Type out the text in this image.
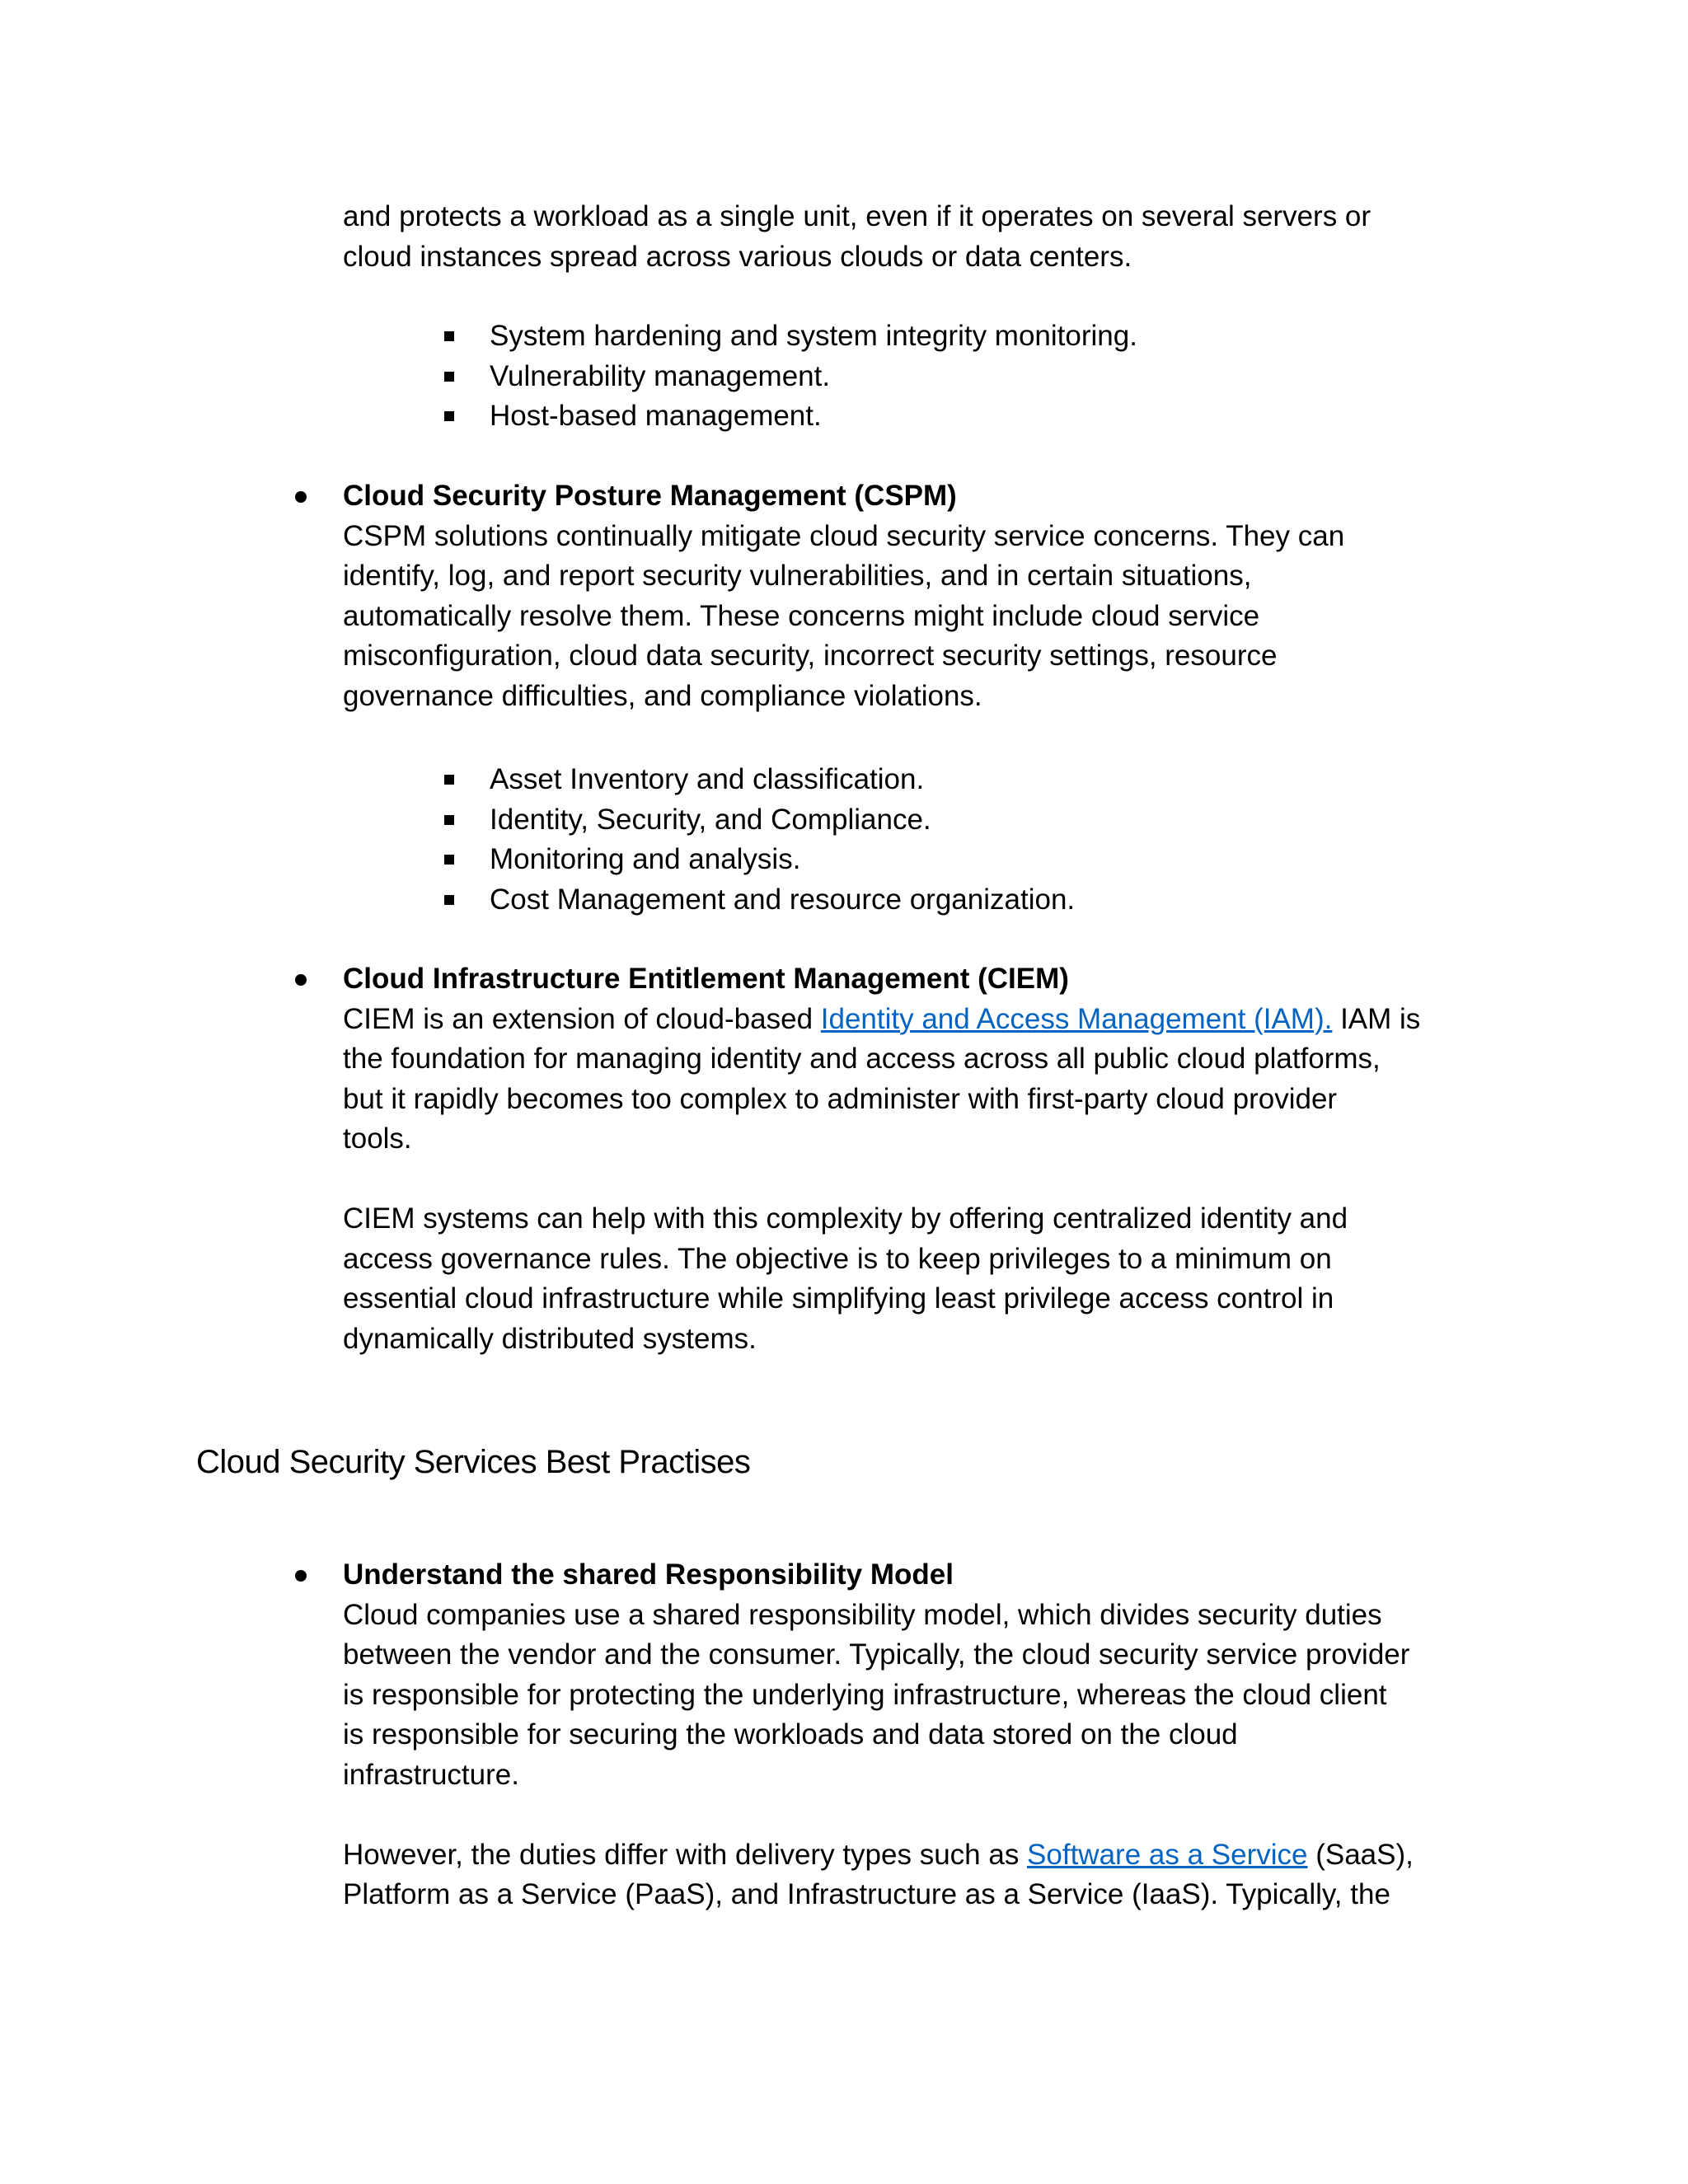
and protects a workload as a single unit, even if it operates on several servers or

cloud instances spread across various clouds or data centers.

System hardening and system integrity monitoring.
Vulnerability management.
Host-based management.

Cloud Security Posture Management (CSPM)

CSPM solutions continually mitigate cloud security service concerns. They can

identify, log, and report security vulnerabilities, and in certain situations,

automatically resolve them. These concerns might include cloud service

misconfiguration, cloud data security, incorrect security settings, resource

governance difficulties, and compliance violations.

Asset Inventory and classification.
Identity, Security, and Compliance.
Monitoring and analysis.
Cost Management and resource organization.

Cloud Infrastructure Entitlement Management (CIEM)

CIEM is an extension of cloud-based Identity and Access Management (IAM). IAM is

the foundation for managing identity and access across all public cloud platforms,

but it rapidly becomes too complex to administer with first-party cloud provider

tools.

CIEM systems can help with this complexity by offering centralized identity and

access governance rules. The objective is to keep privileges to a minimum on

essential cloud infrastructure while simplifying least privilege access control in

dynamically distributed systems.

Cloud Security Services Best Practises

Understand the shared Responsibility Model

Cloud companies use a shared responsibility model, which divides security duties

between the vendor and the consumer. Typically, the cloud security service provider

is responsible for protecting the underlying infrastructure, whereas the cloud client

is responsible for securing the workloads and data stored on the cloud

infrastructure.

However, the duties differ with delivery types such as Software as a Service (SaaS),

Platform as a Service (PaaS), and Infrastructure as a Service (IaaS). Typically, the
